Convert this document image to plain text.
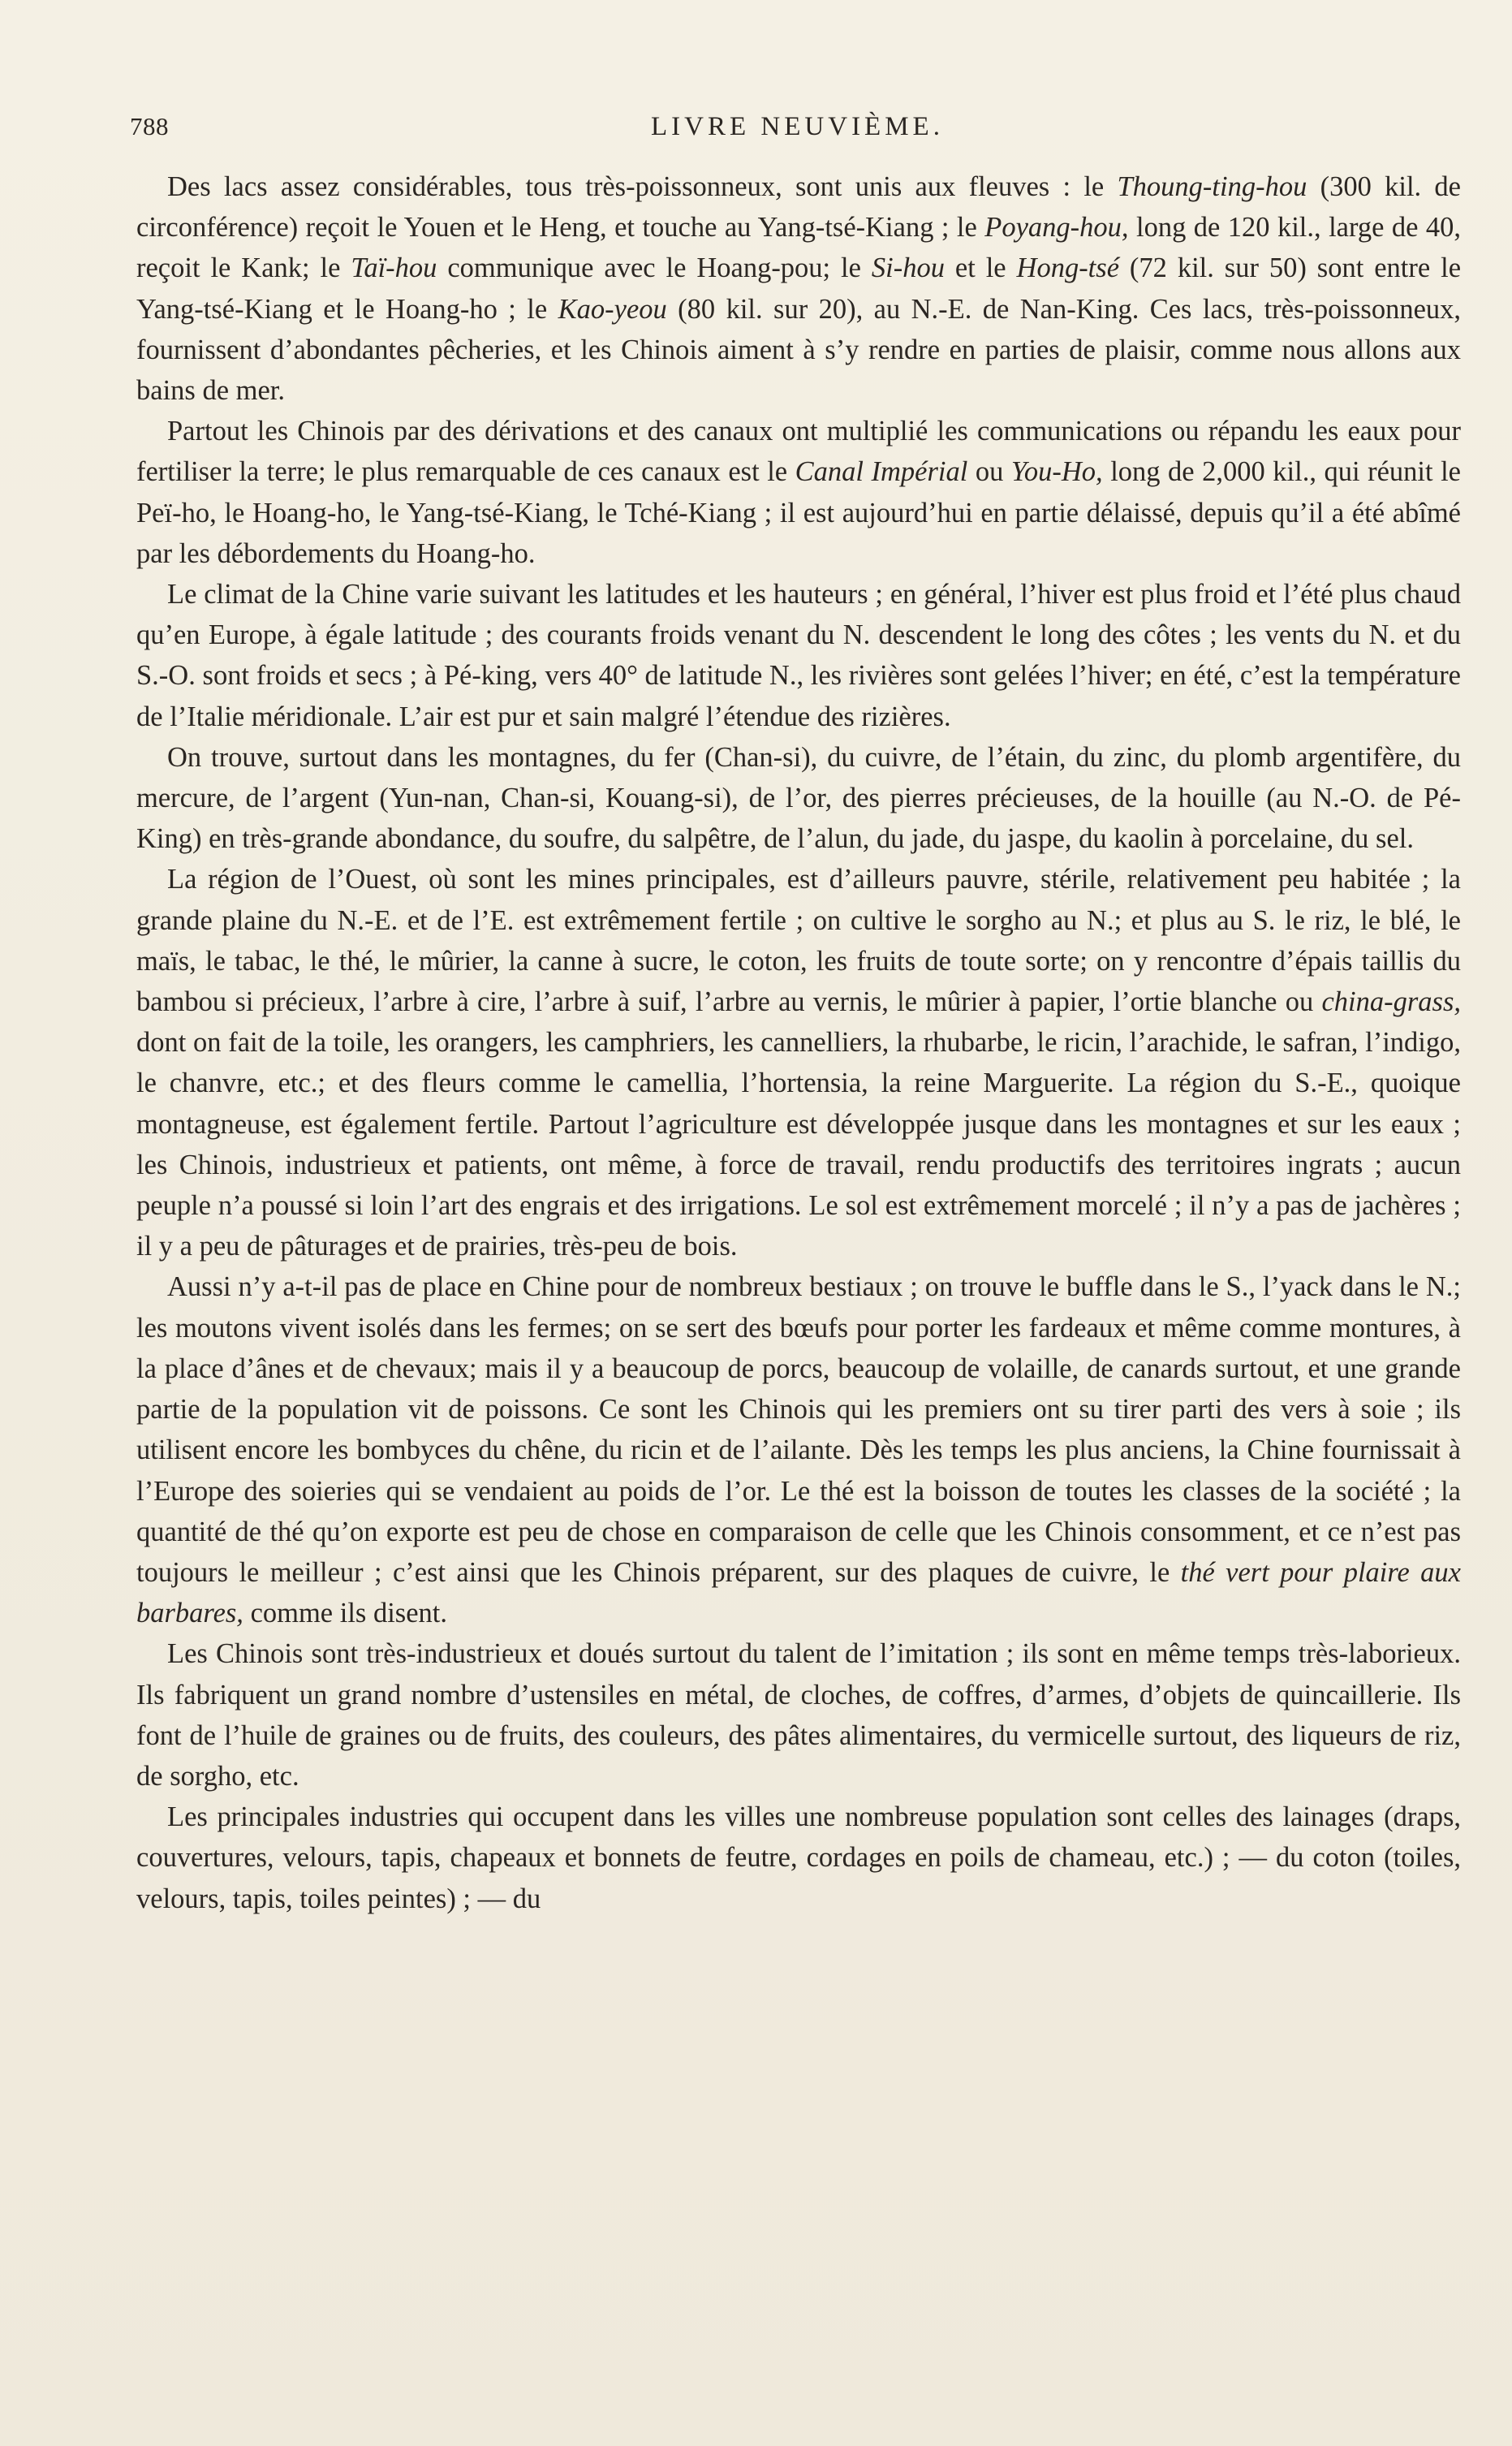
788	LIVRE NEUVIÈME.

Des lacs assez considérables, tous très-poissonneux, sont unis aux fleuves : le Thoung-ting-hou (300 kil. de circonférence) reçoit le Youen et le Heng, et touche au Yang-tsé-Kiang ; le Poyang-hou, long de 120 kil., large de 40, reçoit le Kank; le Taï-hou communique avec le Hoang-pou; le Si-hou et le Hong-tsé (72 kil. sur 50) sont entre le Yang-tsé-Kiang et le Hoang-ho ; le Kao-yeou (80 kil. sur 20), au N.-E. de Nan-King. Ces lacs, très-poissonneux, fournissent d’abondantes pêcheries, et les Chinois aiment à s’y rendre en parties de plaisir, comme nous allons aux bains de mer.

Partout les Chinois par des dérivations et des canaux ont multiplié les communications ou répandu les eaux pour fertiliser la terre; le plus remarquable de ces canaux est le Canal Impérial ou You-Ho, long de 2,000 kil., qui réunit le Peï-ho, le Hoang-ho, le Yang-tsé-Kiang, le Tché-Kiang ; il est aujourd’hui en partie délaissé, depuis qu’il a été abîmé par les débordements du Hoang-ho.

Le climat de la Chine varie suivant les latitudes et les hauteurs ; en général, l’hiver est plus froid et l’été plus chaud qu’en Europe, à égale latitude ; des courants froids venant du N. descendent le long des côtes ; les vents du N. et du S.-O. sont froids et secs ; à Pé-king, vers 40° de latitude N., les rivières sont gelées l’hiver; en été, c’est la température de l’Italie méridionale. L’air est pur et sain malgré l’étendue des rizières.

On trouve, surtout dans les montagnes, du fer (Chan-si), du cuivre, de l’étain, du zinc, du plomb argentifère, du mercure, de l’argent (Yun-nan, Chan-si, Kouang-si), de l’or, des pierres précieuses, de la houille (au N.-O. de Pé-King) en très-grande abondance, du soufre, du salpêtre, de l’alun, du jade, du jaspe, du kaolin à porcelaine, du sel.

La région de l’Ouest, où sont les mines principales, est d’ailleurs pauvre, stérile, relativement peu habitée ; la grande plaine du N.-E. et de l’E. est extrêmement fertile ; on cultive le sorgho au N.; et plus au S. le riz, le blé, le maïs, le tabac, le thé, le mûrier, la canne à sucre, le coton, les fruits de toute sorte; on y rencontre d’épais taillis du bambou si précieux, l’arbre à cire, l’arbre à suif, l’arbre au vernis, le mûrier à papier, l’ortie blanche ou china-grass, dont on fait de la toile, les orangers, les camphriers, les cannelliers, la rhubarbe, le ricin, l’arachide, le safran, l’indigo, le chanvre, etc.; et des fleurs comme le camellia, l’hortensia, la reine Marguerite. La région du S.-E., quoique montagneuse, est également fertile. Partout l’agriculture est développée jusque dans les montagnes et sur les eaux ; les Chinois, industrieux et patients, ont même, à force de travail, rendu productifs des territoires ingrats ; aucun peuple n’a poussé si loin l’art des engrais et des irrigations. Le sol est extrêmement morcelé ; il n’y a pas de jachères ; il y a peu de pâturages et de prairies, très-peu de bois.

Aussi n’y a-t-il pas de place en Chine pour de nombreux bestiaux ; on trouve le buffle dans le S., l’yack dans le N.; les moutons vivent isolés dans les fermes; on se sert des bœufs pour porter les fardeaux et même comme montures, à la place d’ânes et de chevaux; mais il y a beaucoup de porcs, beaucoup de volaille, de canards surtout, et une grande partie de la population vit de poissons. Ce sont les Chinois qui les premiers ont su tirer parti des vers à soie ; ils utilisent encore les bombyces du chêne, du ricin et de l’ailante. Dès les temps les plus anciens, la Chine fournissait à l’Europe des soieries qui se vendaient au poids de l’or. Le thé est la boisson de toutes les classes de la société ; la quantité de thé qu’on exporte est peu de chose en comparaison de celle que les Chinois consomment, et ce n’est pas toujours le meilleur ; c’est ainsi que les Chinois préparent, sur des plaques de cuivre, le thé vert pour plaire aux barbares, comme ils disent.

Les Chinois sont très-industrieux et doués surtout du talent de l’imitation ; ils sont en même temps très-laborieux. Ils fabriquent un grand nombre d’ustensiles en métal, de cloches, de coffres, d’armes, d’objets de quincaillerie. Ils font de l’huile de graines ou de fruits, des couleurs, des pâtes alimentaires, du vermicelle surtout, des liqueurs de riz, de sorgho, etc.

Les principales industries qui occupent dans les villes une nombreuse population sont celles des lainages (draps, couvertures, velours, tapis, chapeaux et bonnets de feutre, cordages en poils de chameau, etc.) ; — du coton (toiles, velours, tapis, toiles peintes) ; — du
